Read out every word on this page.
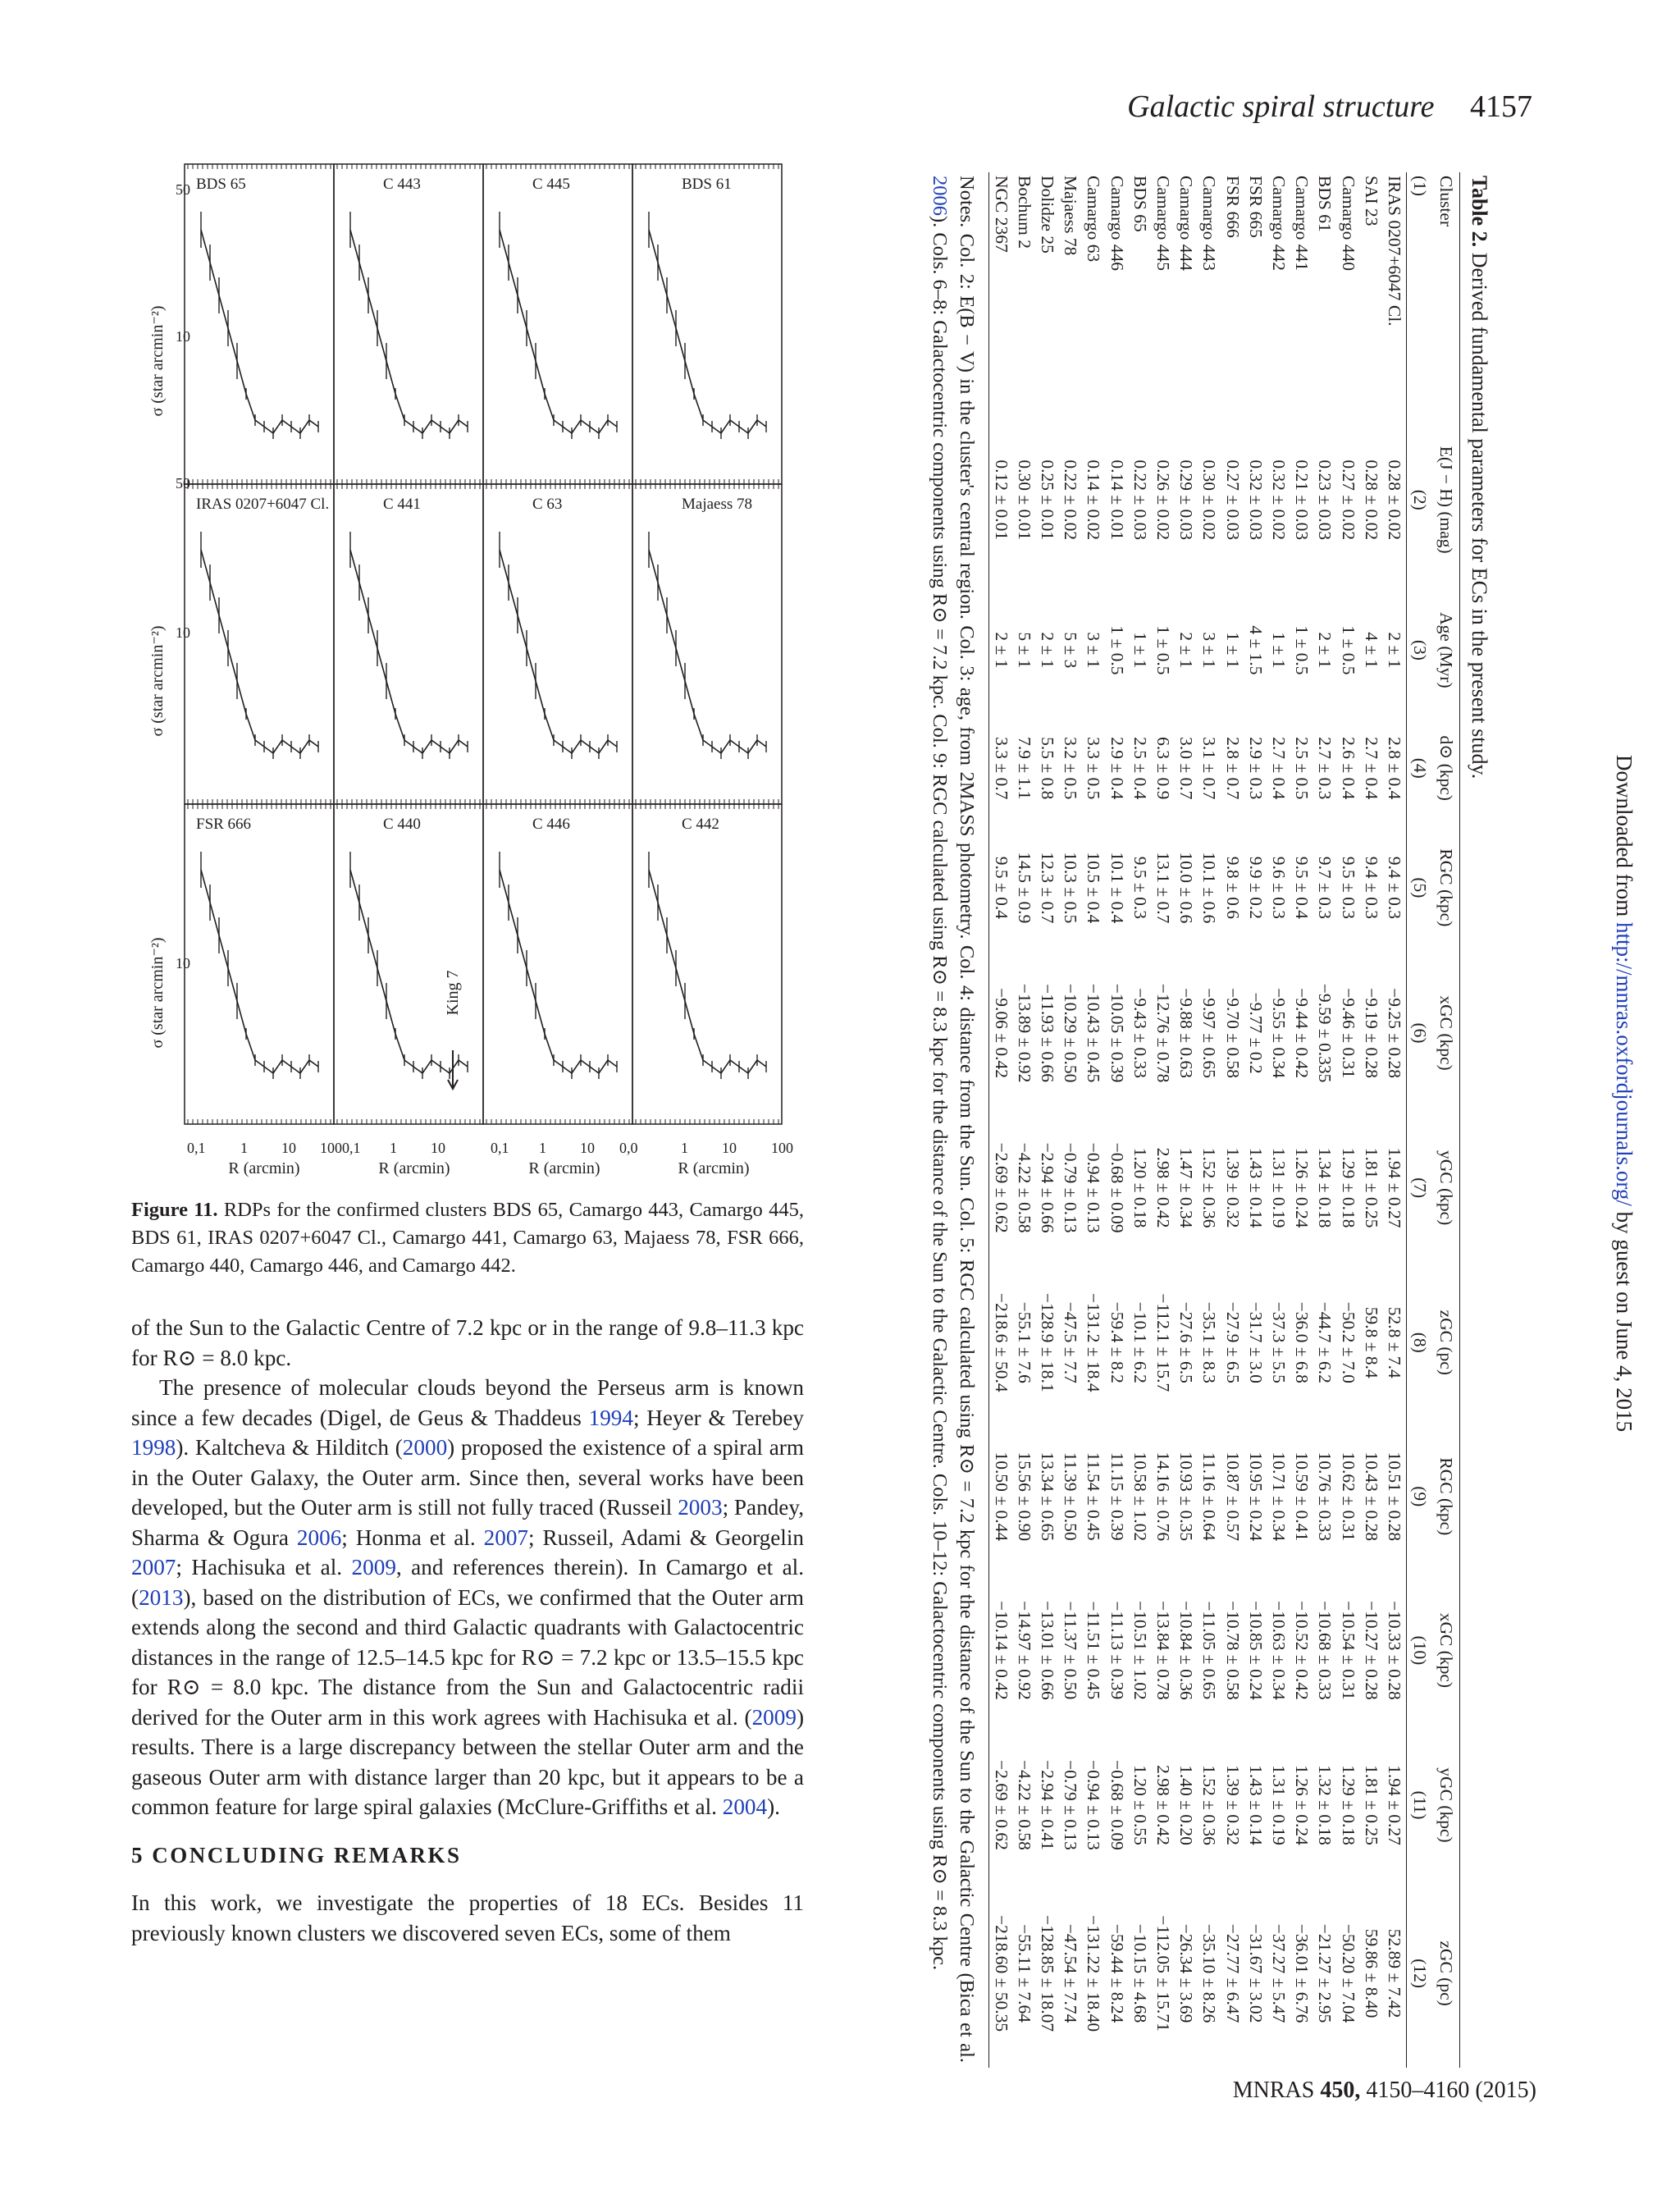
Galactic spiral structure 4157
Downloaded from http://mnras.oxfordjournals.org/ by guest on June 4, 2015
BDS 65	C 443	C 445	BDS 61
IRAS 0207+6047 Cl.	C 441	C 63	Majaess 78
FSR 666	C 440	C 446	C 442
σ (star arcmin⁻²)
σ (star arcmin⁻²)
σ (star arcmin⁻²)
50
10
50
10
10
0,1 1 10 1000,1 1 10	0,1 1 10 0,0	1 10 100
R (arcmin)	R (arcmin)	R (arcmin)	R (arcmin)
King 7
Figure 11. RDPs for the confirmed clusters BDS 65, Camargo 443, Camargo 445, BDS 61, IRAS 0207+6047 Cl., Camargo 441, Camargo 63, Majaess 78, FSR 666, Camargo 440, Camargo 446, and Camargo 442.

of the Sun to the Galactic Centre of 7.2 kpc or in the range of 9.8–11.3 kpc for R⊙ = 8.0 kpc.

The presence of molecular clouds beyond the Perseus arm is known since a few decades (Digel, de Geus & Thaddeus 1994; Heyer & Terebey 1998). Kaltcheva & Hilditch (2000) proposed the existence of a spiral arm in the Outer Galaxy, the Outer arm. Since then, several works have been developed, but the Outer arm is still not fully traced (Russeil 2003; Pandey, Sharma & Ogura 2006; Honma et al. 2007; Russeil, Adami & Georgelin 2007; Hachisuka et al. 2009, and references therein). In Camargo et al. (2013), based on the distribution of ECs, we confirmed that the Outer arm extends along the second and third Galactic quadrants with Galactocentric distances in the range of 12.5–14.5 kpc for R⊙ = 7.2 kpc or 13.5–15.5 kpc for R⊙ = 8.0 kpc. The distance from the Sun and Galactocentric radii derived for the Outer arm in this work agrees with Hachisuka et al. (2009) results. There is a large discrepancy between the stellar Outer arm and the gaseous Outer arm with distance larger than 20 kpc, but it appears to be a common feature for large spiral galaxies (McClure-Griffiths et al. 2004).

5 CONCLUDING REMARKS

In this work, we investigate the properties of 18 ECs. Besides 11 previously known clusters we discovered seven ECs, some of them

Table 2. Derived fundamental parameters for ECs in the present study.
Cluster	E(J − H) (mag)	Age (Myr)	d⊙ (kpc)	RGC (kpc)	xGC (kpc)	yGC (kpc)	zGC (pc)	RGC (kpc)	xGC (kpc)	yGC (kpc)	zGC (pc)
(1)	(2)	(3)	(4)	(5)	(6)	(7)	(8)	(9)	(10)	(11)	(12)
IRAS 0207+6047 Cl.	0.28 ± 0.02	2 ± 1	2.8 ± 0.4	9.4 ± 0.3	−9.25 ± 0.28	1.94 ± 0.27	52.8 ± 7.4	10.51 ± 0.28	−10.33 ± 0.28	1.94 ± 0.27	52.89 ± 7.42
SAI 23	0.28 ± 0.02	4 ± 1	2.7 ± 0.4	9.4 ± 0.3	−9.19 ± 0.28	1.81 ± 0.25	59.8 ± 8.4	10.43 ± 0.28	−10.27 ± 0.28	1.81 ± 0.25	59.86 ± 8.40
Camargo 440	0.27 ± 0.02	1 ± 0.5	2.6 ± 0.4	9.5 ± 0.3	−9.46 ± 0.31	1.29 ± 0.18	−50.2 ± 7.0	10.62 ± 0.31	−10.54 ± 0.31	1.29 ± 0.18	−50.20 ± 7.04
BDS 61	0.23 ± 0.03	2 ± 1	2.7 ± 0.3	9.7 ± 0.3	−9.59 ± 0.335	1.34 ± 0.18	−44.7 ± 6.2	10.76 ± 0.33	−10.68 ± 0.33	1.32 ± 0.18	−21.27 ± 2.95
Camargo 441	0.21 ± 0.03	1 ± 0.5	2.5 ± 0.5	9.5 ± 0.4	−9.44 ± 0.42	1.26 ± 0.24	−36.0 ± 6.8	10.59 ± 0.41	−10.52 ± 0.42	1.26 ± 0.24	−36.01 ± 6.76
Camargo 442	0.32 ± 0.02	1 ± 1	2.7 ± 0.4	9.6 ± 0.3	−9.55 ± 0.34	1.31 ± 0.19	−37.3 ± 5.5	10.71 ± 0.34	−10.63 ± 0.34	1.31 ± 0.19	−37.27 ± 5.47
FSR 665	0.32 ± 0.03	4 ± 1.5	2.9 ± 0.3	9.9 ± 0.2	−9.77 ± 0.2	1.43 ± 0.14	−31.7 ± 3.0	10.95 ± 0.24	−10.85 ± 0.24	1.43 ± 0.14	−31.67 ± 3.02
FSR 666	0.27 ± 0.03	1 ± 1	2.8 ± 0.7	9.8 ± 0.6	−9.70 ± 0.58	1.39 ± 0.32	−27.9 ± 6.5	10.87 ± 0.57	−10.78 ± 0.58	1.39 ± 0.32	−27.77 ± 6.47
Camargo 443	0.30 ± 0.02	3 ± 1	3.1 ± 0.7	10.1 ± 0.6	−9.97 ± 0.65	1.52 ± 0.36	−35.1 ± 8.3	11.16 ± 0.64	−11.05 ± 0.65	1.52 ± 0.36	−35.10 ± 8.26
Camargo 444	0.29 ± 0.03	2 ± 1	3.0 ± 0.7	10.0 ± 0.6	−9.88 ± 0.63	1.47 ± 0.34	−27.6 ± 6.5	10.93 ± 0.35	−10.84 ± 0.36	1.40 ± 0.20	−26.34 ± 3.69
Camargo 445	0.26 ± 0.02	1 ± 0.5	6.3 ± 0.9	13.1 ± 0.7	−12.76 ± 0.78	2.98 ± 0.42	−112.1 ± 15.7	14.16 ± 0.76	−13.84 ± 0.78	2.98 ± 0.42	−112.05 ± 15.71
BDS 65	0.22 ± 0.03	1 ± 1	2.5 ± 0.4	9.5 ± 0.3	−9.43 ± 0.33	1.20 ± 0.18	−10.1 ± 6.2	10.58 ± 1.02	−10.51 ± 1.02	1.20 ± 0.55	−10.15 ± 4.68
Camargo 446	0.14 ± 0.01	1 ± 0.5	2.9 ± 0.4	10.1 ± 0.4	−10.05 ± 0.39	−0.68 ± 0.09	−59.4 ± 8.2	11.15 ± 0.39	−11.13 ± 0.39	−0.68 ± 0.09	−59.44 ± 8.24
Camargo 63	0.14 ± 0.02	3 ± 1	3.3 ± 0.5	10.5 ± 0.4	−10.43 ± 0.45	−0.94 ± 0.13	−131.2 ± 18.4	11.54 ± 0.45	−11.51 ± 0.45	−0.94 ± 0.13	−131.22 ± 18.40
Majaess 78	0.22 ± 0.02	5 ± 3	3.2 ± 0.5	10.3 ± 0.5	−10.29 ± 0.50	−0.79 ± 0.13	−47.5 ± 7.7	11.39 ± 0.50	−11.37 ± 0.50	−0.79 ± 0.13	−47.54 ± 7.74
Dolidze 25	0.25 ± 0.01	2 ± 1	5.5 ± 0.8	12.3 ± 0.7	−11.93 ± 0.66	−2.94 ± 0.66	−128.9 ± 18.1	13.34 ± 0.65	−13.01 ± 0.66	−2.94 ± 0.41	−128.85 ± 18.07
Bochum 2	0.30 ± 0.01	5 ± 1	7.9 ± 1.1	14.5 ± 0.9	−13.89 ± 0.92	−4.22 ± 0.58	−55.1 ± 7.6	15.56 ± 0.90	−14.97 ± 0.92	−4.22 ± 0.58	−55.11 ± 7.64
NGC 2367	0.12 ± 0.01	2 ± 1	3.3 ± 0.7	9.5 ± 0.4	−9.06 ± 0.42	−2.69 ± 0.62	−218.6 ± 50.4	10.50 ± 0.44	−10.14 ± 0.42	−2.69 ± 0.62	−218.60 ± 50.35
Notes. Col. 2: E(B − V) in the cluster's central region. Col. 3: age, from 2MASS photometry. Col. 4: distance from the Sun. Col. 5: RGC calculated using R⊙ = 7.2 kpc for the distance of the Sun to the Galactic Centre (Bica et al. 2006). Cols. 6–8: Galactocentric components using R⊙ = 7.2 kpc. Col. 9: RGC calculated using R⊙ = 8.3 kpc for the distance of the Sun to the Galactic Centre. Cols. 10–12: Galactocentric components using R⊙ = 8.3 kpc.
MNRAS 450, 4150–4160 (2015)
